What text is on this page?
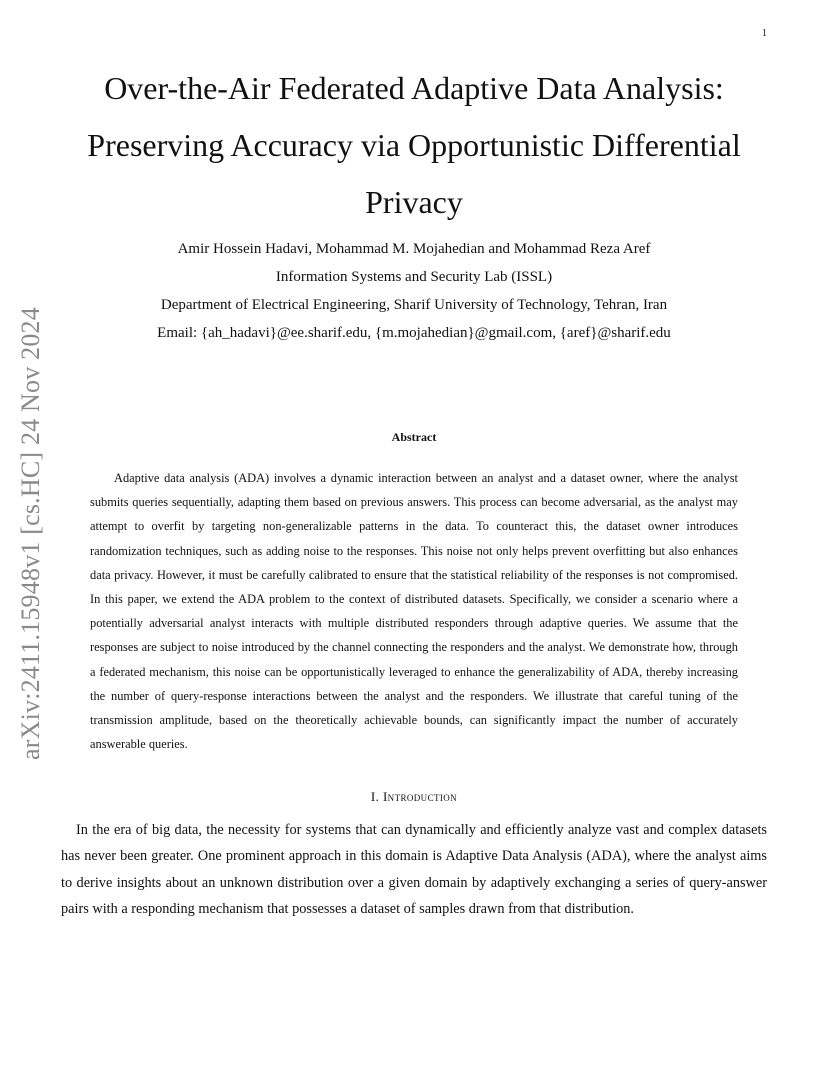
1
arXiv:2411.15948v1 [cs.HC] 24 Nov 2024
Over-the-Air Federated Adaptive Data Analysis:
Preserving Accuracy via Opportunistic Differential
Privacy
Amir Hossein Hadavi, Mohammad M. Mojahedian and Mohammad Reza Aref
Information Systems and Security Lab (ISSL)
Department of Electrical Engineering, Sharif University of Technology, Tehran, Iran
Email: {ah_hadavi}@ee.sharif.edu, {m.mojahedian}@gmail.com, {aref}@sharif.edu
Abstract

Adaptive data analysis (ADA) involves a dynamic interaction between an analyst and a dataset owner, where the analyst submits queries sequentially, adapting them based on previous answers. This process can become adversarial, as the analyst may attempt to overfit by targeting non-generalizable patterns in the data. To counteract this, the dataset owner introduces randomization techniques, such as adding noise to the responses. This noise not only helps prevent overfitting but also enhances data privacy. However, it must be carefully calibrated to ensure that the statistical reliability of the responses is not compromised. In this paper, we extend the ADA problem to the context of distributed datasets. Specifically, we consider a scenario where a potentially adversarial analyst interacts with multiple distributed responders through adaptive queries. We assume that the responses are subject to noise introduced by the channel connecting the responders and the analyst. We demonstrate how, through a federated mechanism, this noise can be opportunistically leveraged to enhance the generalizability of ADA, thereby increasing the number of query-response interactions between the analyst and the responders. We illustrate that careful tuning of the transmission amplitude, based on the theoretically achievable bounds, can significantly impact the number of accurately answerable queries.

I. Introduction

In the era of big data, the necessity for systems that can dynamically and efficiently analyze vast and complex datasets has never been greater. One prominent approach in this domain is Adaptive Data Analysis (ADA), where the analyst aims to derive insights about an unknown distribution over a given domain by adaptively exchanging a series of query-answer pairs with a responding mechanism that possesses a dataset of samples drawn from that distribution.
